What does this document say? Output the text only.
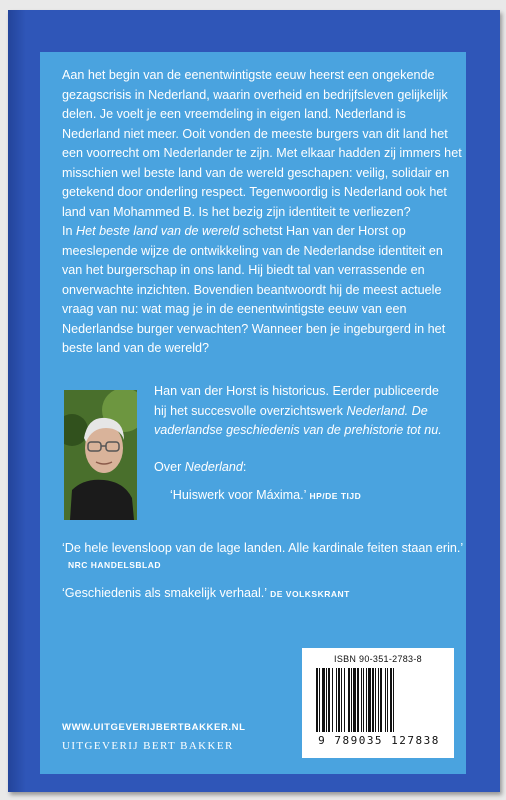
Aan het begin van de eenentwintigste eeuw heerst een ongekende gezagscrisis in Nederland, waarin overheid en bedrijfsleven gelijkelijk delen. Je voelt je een vreemdeling in eigen land. Nederland is Nederland niet meer. Ooit vonden de meeste burgers van dit land het een voorrecht om Nederlander te zijn. Met elkaar hadden zij immers het misschien wel beste land van de wereld geschapen: veilig, solidair en getekend door onderling respect. Tegenwoordig is Nederland ook het land van Mohammed B. Is het bezig zijn identiteit te verliezen?

In Het beste land van de wereld schetst Han van der Horst op meeslepende wijze de ontwikkeling van de Nederlandse identiteit en van het burgerschap in ons land. Hij biedt tal van verrassende en onverwachte inzichten. Bovendien beantwoordt hij de meest actuele vraag van nu: wat mag je in de eenentwintigste eeuw van een Nederlandse burger verwachten? Wanneer ben je ingeburgerd in het beste land van de wereld?

Han van der Horst is historicus. Eerder publiceerde hij het succesvolle overzichtswerk Nederland. De vaderlandse geschiedenis van de prehistorie tot nu.

Over Nederland:
‘Huiswerk voor Máxima.’ HP/DE TIJD
‘De hele levensloop van de lage landen. Alle kardinale feiten staan erin.’
NRC HANDELSBLAD
‘Geschiedenis als smakelijk verhaal.’ DE VOLKSKRANT
ISBN 90-351-2783-8
9 789035 127838
WWW.UITGEVERIJBERTBAKKER.NL
UITGEVERIJ BERT BAKKER
